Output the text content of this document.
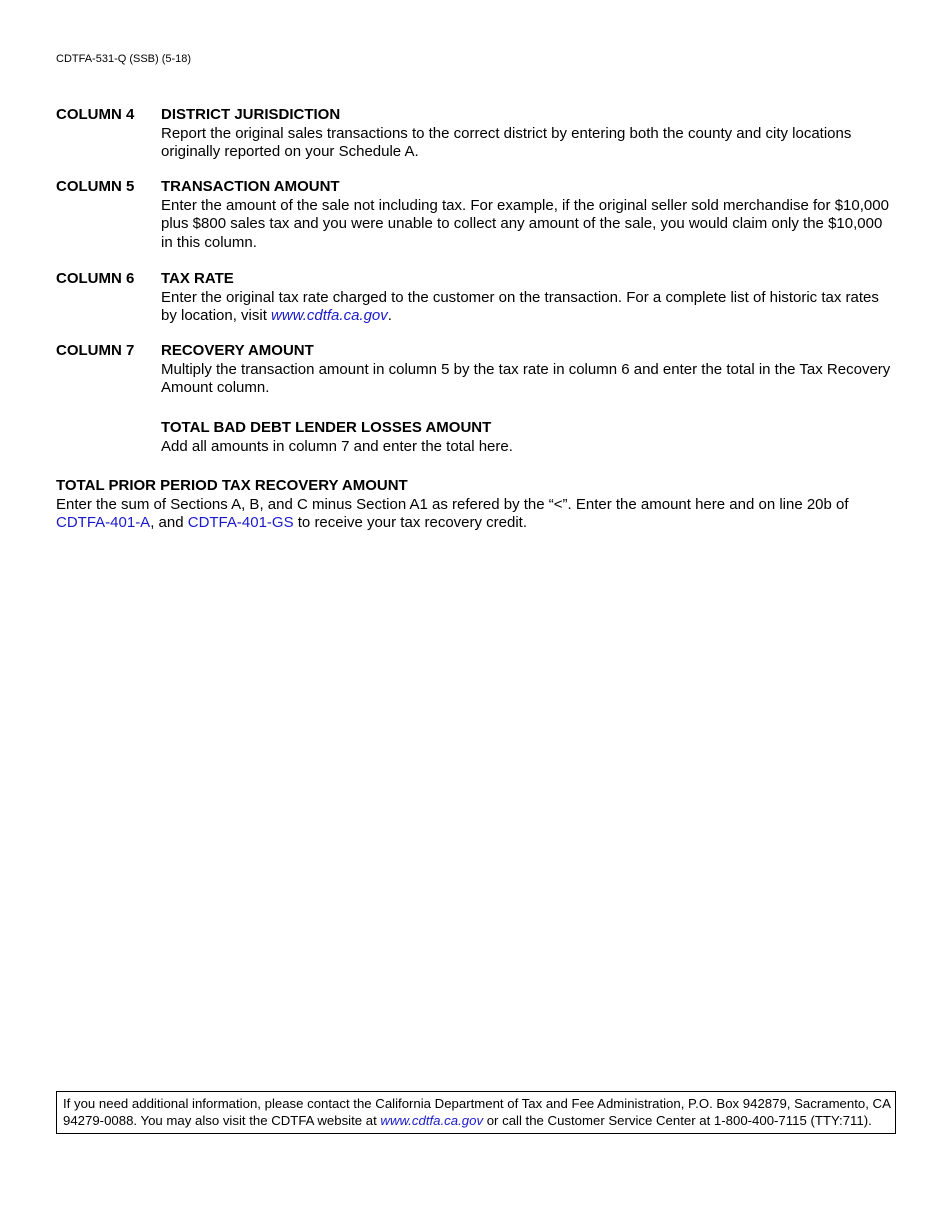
CDTFA-531-Q (SSB) (5-18)
COLUMN 4 DISTRICT JURISDICTION
Report the original sales transactions to the correct district by entering both the county and city locations originally reported on your Schedule A.
COLUMN 5 TRANSACTION AMOUNT
Enter the amount of the sale not including tax. For example, if the original seller sold merchandise for $10,000 plus $800 sales tax and you were unable to collect any amount of the sale, you would claim only the $10,000 in this column.
COLUMN 6 TAX RATE
Enter the original tax rate charged to the customer on the transaction. For a complete list of historic tax rates by location, visit www.cdtfa.ca.gov.
COLUMN 7 RECOVERY AMOUNT
Multiply the transaction amount in column 5 by the tax rate in column 6 and enter the total in the Tax Recovery Amount column.
TOTAL BAD DEBT LENDER LOSSES AMOUNT
Add all amounts in column 7 and enter the total here.
TOTAL PRIOR PERIOD TAX RECOVERY AMOUNT
Enter the sum of Sections A, B, and C minus Section A1 as refered by the “<”. Enter the amount here and on line 20b of CDTFA-401-A, and CDTFA-401-GS to receive your tax recovery credit.
If you need additional information, please contact the California Department of Tax and Fee Administration, P.O. Box 942879, Sacramento, CA 94279-0088. You may also visit the CDTFA website at www.cdtfa.ca.gov or call the Customer Service Center at 1-800-400-7115 (TTY:711).
